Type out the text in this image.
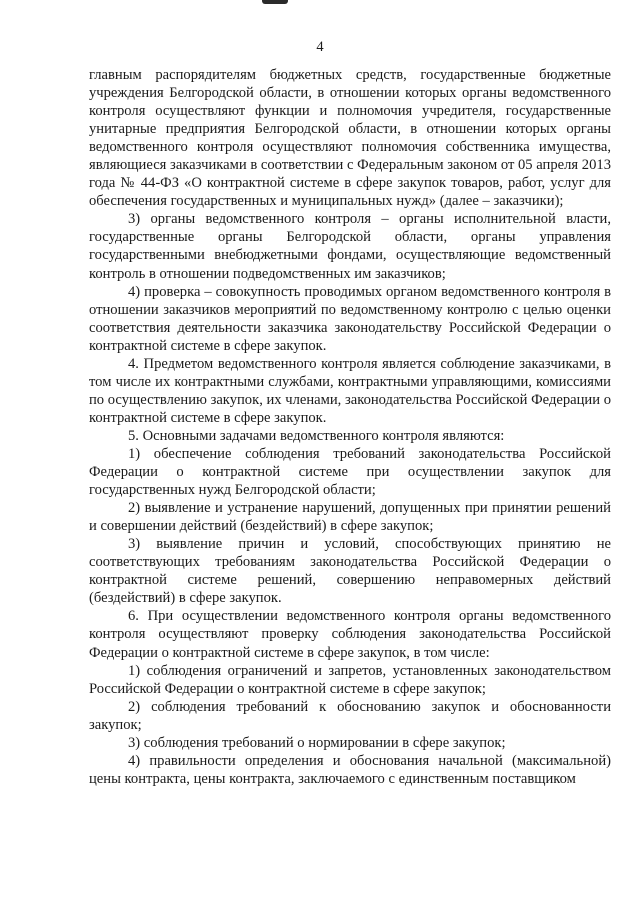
4

главным распорядителям бюджетных средств, государственные бюджетные учреждения Белгородской области, в отношении которых органы ведомственного контроля осуществляют функции и полномочия учредителя, государственные унитарные предприятия Белгородской области, в отношении которых органы ведомственного контроля осуществляют полномочия собственника имущества, являющиеся заказчиками в соответствии с Федеральным законом от 05 апреля 2013 года № 44-ФЗ «О контрактной системе в сфере закупок товаров, работ, услуг для обеспечения государственных и муниципальных нужд» (далее – заказчики);

3) органы ведомственного контроля – органы исполнительной власти, государственные органы Белгородской области, органы управления государственными внебюджетными фондами, осуществляющие ведомственный контроль в отношении подведомственных им заказчиков;

4) проверка – совокупность проводимых органом ведомственного контроля в отношении заказчиков мероприятий по ведомственному контролю с целью оценки соответствия деятельности заказчика законодательству Российской Федерации о контрактной системе в сфере закупок.

4. Предметом ведомственного контроля является соблюдение заказчиками, в том числе их контрактными службами, контрактными управляющими, комиссиями по осуществлению закупок, их членами, законодательства Российской Федерации о контрактной системе в сфере закупок.

5. Основными задачами ведомственного контроля являются:

1) обеспечение соблюдения требований законодательства Российской Федерации о контрактной системе при осуществлении закупок для государственных нужд Белгородской области;

2) выявление и устранение нарушений, допущенных при принятии решений и совершении действий (бездействий) в сфере закупок;

3) выявление причин и условий, способствующих принятию не соответствующих требованиям законодательства Российской Федерации о контрактной системе решений, совершению неправомерных действий (бездействий) в сфере закупок.

6. При осуществлении ведомственного контроля органы ведомственного контроля осуществляют проверку соблюдения законодательства Российской Федерации о контрактной системе в сфере закупок, в том числе:

1) соблюдения ограничений и запретов, установленных законодательством Российской Федерации о контрактной системе в сфере закупок;

2) соблюдения требований к обоснованию закупок и обоснованности закупок;

3) соблюдения требований о нормировании в сфере закупок;

4) правильности определения и обоснования начальной (максимальной) цены контракта, цены контракта, заключаемого с единственным поставщиком
